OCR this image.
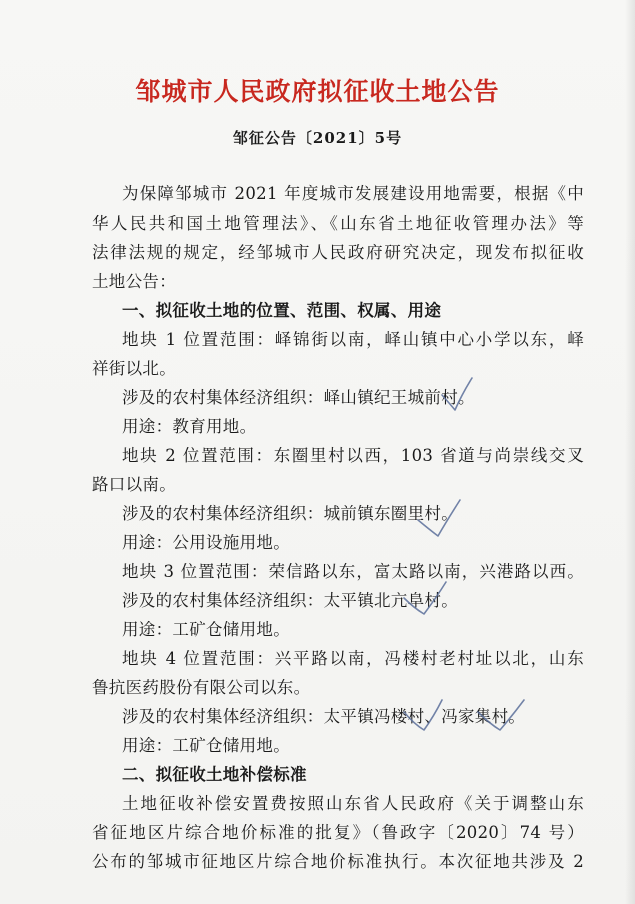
邹城市人民政府拟征收土地公告
邹征公告〔2021〕5号
为保障邹城市 2021 年度城市发展建设用地需要，根据《中
华人民共和国土地管理法》、《山东省土地征收管理办法》等
法律法规的规定，经邹城市人民政府研究决定，现发布拟征收
土地公告：
一、拟征收土地的位置、范围、权属、用途
地块 1 位置范围：峄锦街以南，峄山镇中心小学以东，峄
祥街以北。
涉及的农村集体经济组织：峄山镇纪王城前村。
用途：教育用地。
地块 2 位置范围：东圈里村以西，103 省道与尚崇线交叉
路口以南。
涉及的农村集体经济组织：城前镇东圈里村。
用途：公用设施用地。
地块 3 位置范围：荣信路以东，富太路以南，兴港路以西。
涉及的农村集体经济组织：太平镇北亢阜村。
用途：工矿仓储用地。
地块 4 位置范围：兴平路以南，冯楼村老村址以北，山东
鲁抗医药股份有限公司以东。
涉及的农村集体经济组织：太平镇冯楼村、冯家集村。
用途：工矿仓储用地。
二、拟征收土地补偿标准
土地征收补偿安置费按照山东省人民政府《关于调整山东
省征地区片综合地价标准的批复》（鲁政字〔2020〕74 号）
公布的邹城市征地区片综合地价标准执行。本次征地共涉及 2
